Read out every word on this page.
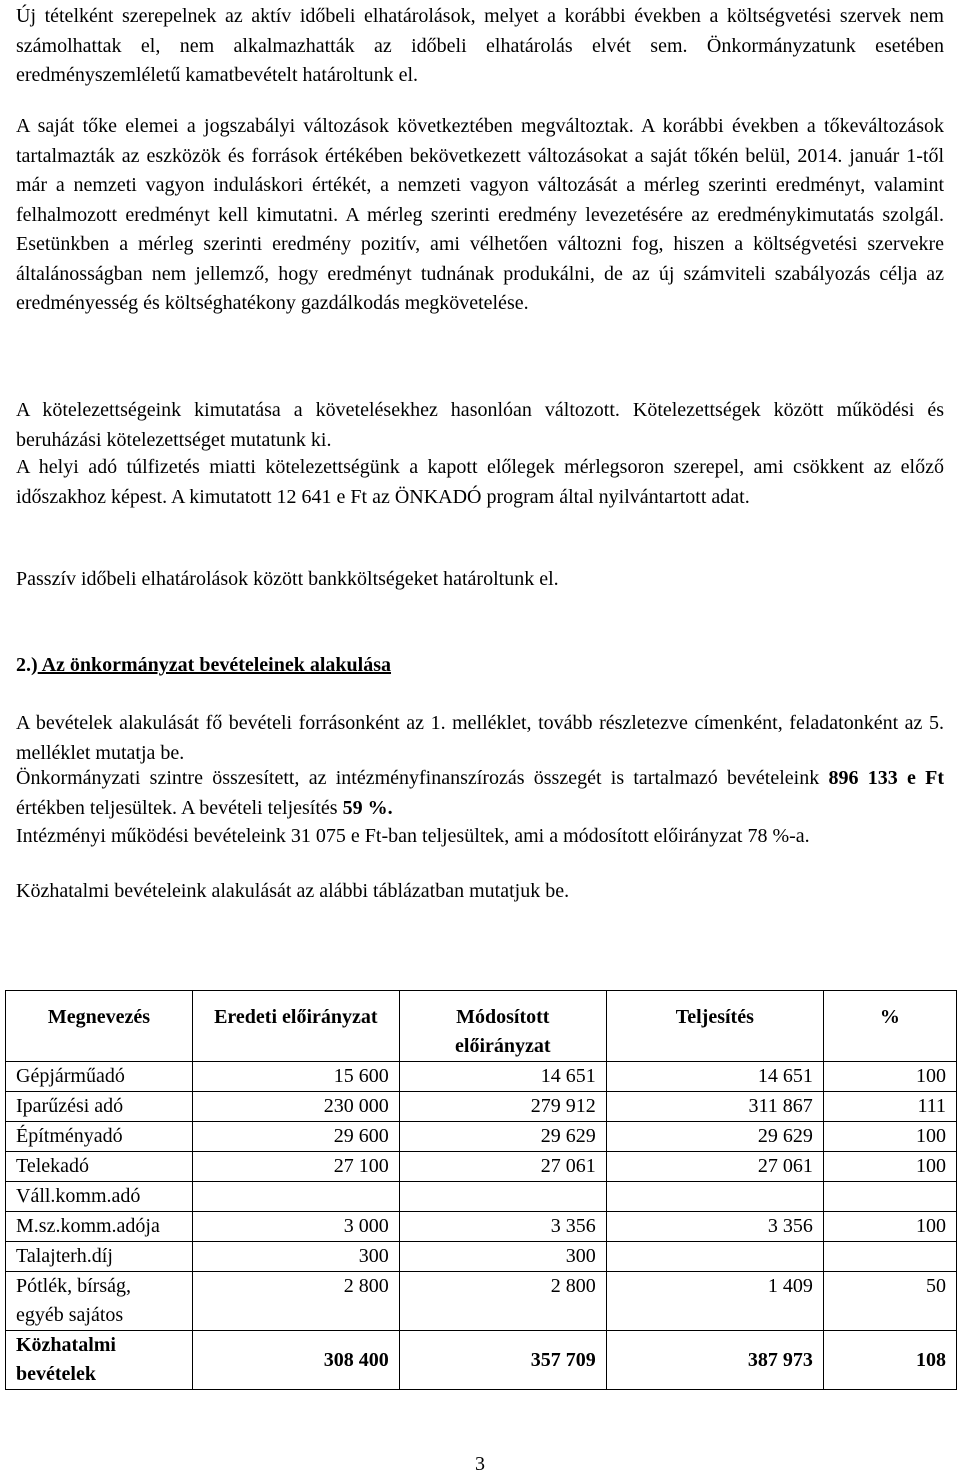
Új tételként szerepelnek az aktív időbeli elhatárolások, melyet a korábbi években a költségvetési szervek nem számolhattak el, nem alkalmazhatták az időbeli elhatárolás elvét sem. Önkormányzatunk esetében eredményszemléletű kamatbevételt határoltunk el.

A saját tőke elemei a jogszabályi változások következtében megváltoztak. A korábbi években a tőkeváltozások tartalmazták az eszközök és források értékében bekövetkezett változásokat a saját tőkén belül, 2014. január 1-től már a nemzeti vagyon induláskori értékét, a nemzeti vagyon változását a mérleg szerinti eredményt, valamint felhalmozott eredményt kell kimutatni. A mérleg szerinti eredmény levezetésére az eredménykimutatás szolgál. Esetünkben a mérleg szerinti eredmény pozitív, ami vélhetően változni fog, hiszen a költségvetési szervekre általánosságban nem jellemző, hogy eredményt tudnának produkálni, de az új számviteli szabályozás célja az eredményesség és költséghatékony gazdálkodás megkövetelése.

A kötelezettségeink kimutatása a követelésekhez hasonlóan változott. Kötelezettségek között működési és beruházási kötelezettséget mutatunk ki.

A helyi adó túlfizetés miatti kötelezettségünk a kapott előlegek mérlegsoron szerepel, ami csökkent az előző időszakhoz képest. A kimutatott 12 641 e Ft az ÖNKADÓ program által nyilvántartott adat.

Passzív időbeli elhatárolások között bankköltségeket határoltunk el.

2.) Az önkormányzat bevételeinek alakulása

A bevételek alakulását fő bevételi forrásonként az 1. melléklet, tovább részletezve címenként, feladatonként az 5. melléklet mutatja be.

Önkormányzati szintre összesített, az intézményfinanszírozás összegét is tartalmazó bevételeink 896 133 e Ft értékben teljesültek. A bevételi teljesítés 59 %.

Intézményi működési bevételeink 31 075 e Ft-ban teljesültek, ami a módosított előirányzat 78 %-a.

Közhatalmi bevételeink alakulását az alábbi táblázatban mutatjuk be.

Megnevezés	Eredeti előirányzat	Módosított előirányzat	Teljesítés	%
Gépjárműadó	15 600	14 651	14 651	100
Iparűzési adó	230 000	279 912	311 867	111
Építményadó	29 600	29 629	29 629	100
Telekadó	27 100	27 061	27 061	100
Váll.komm.adó				
M.sz.komm.adója	3 000	3 356	3 356	100
Talajterh.díj	300	300		
Pótlék, bírság, egyéb sajátos	2 800	2 800	1 409	50
Közhatalmi bevételek	308 400	357 709	387 973	108
3
